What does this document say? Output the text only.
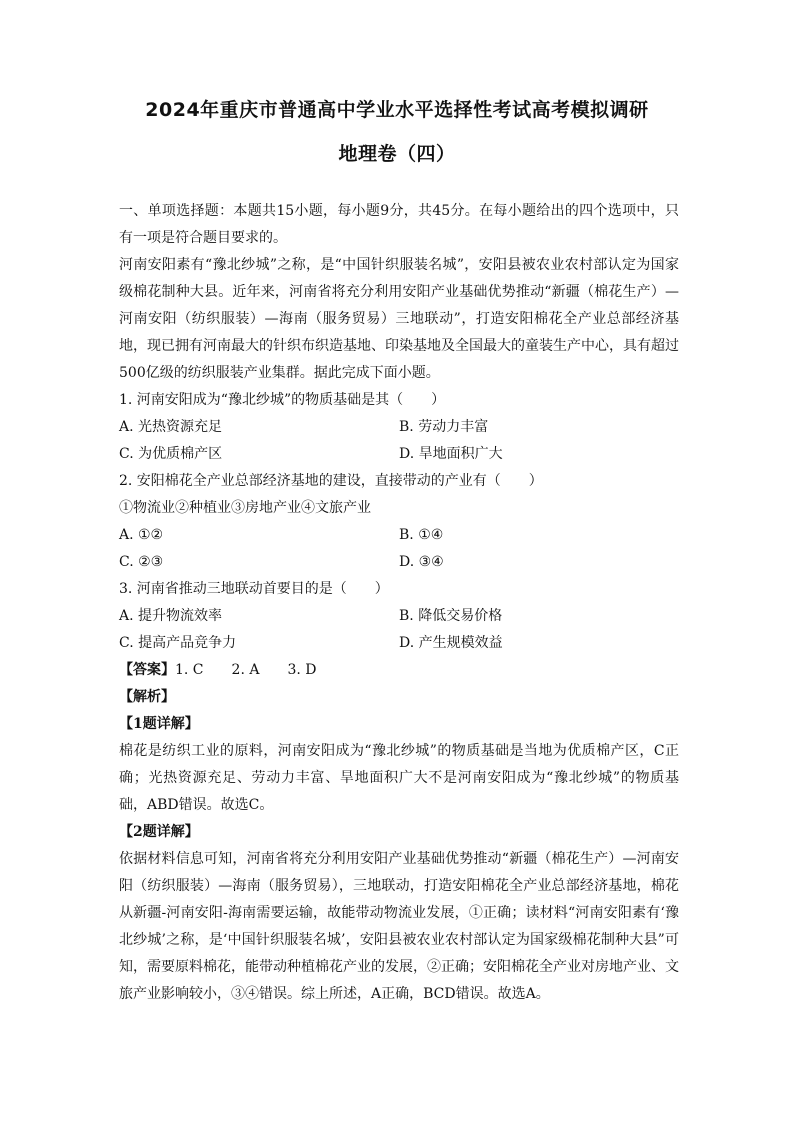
2024年重庆市普通高中学业水平选择性考试高考模拟调研
地理卷（四）

一、单项选择题：本题共15小题，每小题9分，共45分。在每小题给出的四个选项中，只有一项是符合题目要求的。

河南安阳素有“豫北纱城”之称，是“中国针织服装名城”，安阳县被农业农村部认定为国家级棉花制种大县。近年来，河南省将充分利用安阳产业基础优势推动“新疆（棉花生产）—河南安阳（纺织服装）—海南（服务贸易）三地联动”，打造安阳棉花全产业总部经济基地，现已拥有河南最大的针织布织造基地、印染基地及全国最大的童装生产中心，具有超过500亿级的纺织服装产业集群。据此完成下面小题。

1. 河南安阳成为“豫北纱城”的物质基础是其（　　）

A. 光热资源充足	B. 劳动力丰富
C. 为优质棉产区	D. 旱地面积广大

2. 安阳棉花全产业总部经济基地的建设，直接带动的产业有（　　）

①物流业②种植业③房地产业④文旅产业

A. ①②	B. ①④
C. ②③	D. ③④

3. 河南省推动三地联动首要目的是（　　）

A. 提升物流效率	B. 降低交易价格
C. 提高产品竞争力	D. 产生规模效益

【答案】1. C 2. A 3. D

【解析】

【1题详解】

棉花是纺织工业的原料，河南安阳成为“豫北纱城”的物质基础是当地为优质棉产区，C正确；光热资源充足、劳动力丰富、旱地面积广大不是河南安阳成为“豫北纱城”的物质基础，ABD错误。故选C。

【2题详解】

依据材料信息可知，河南省将充分利用安阳产业基础优势推动“新疆（棉花生产）—河南安阳（纺织服装）—海南（服务贸易），三地联动，打造安阳棉花全产业总部经济基地，棉花从新疆-河南安阳-海南需要运输，故能带动物流业发展，①正确；读材料“河南安阳素有‘豫北纱城’之称，是‘中国针织服装名城’，安阳县被农业农村部认定为国家级棉花制种大县”可知，需要原料棉花，能带动种植棉花产业的发展，②正确；安阳棉花全产业对房地产业、文旅产业影响较小，③④错误。综上所述，A正确，BCD错误。故选A。
